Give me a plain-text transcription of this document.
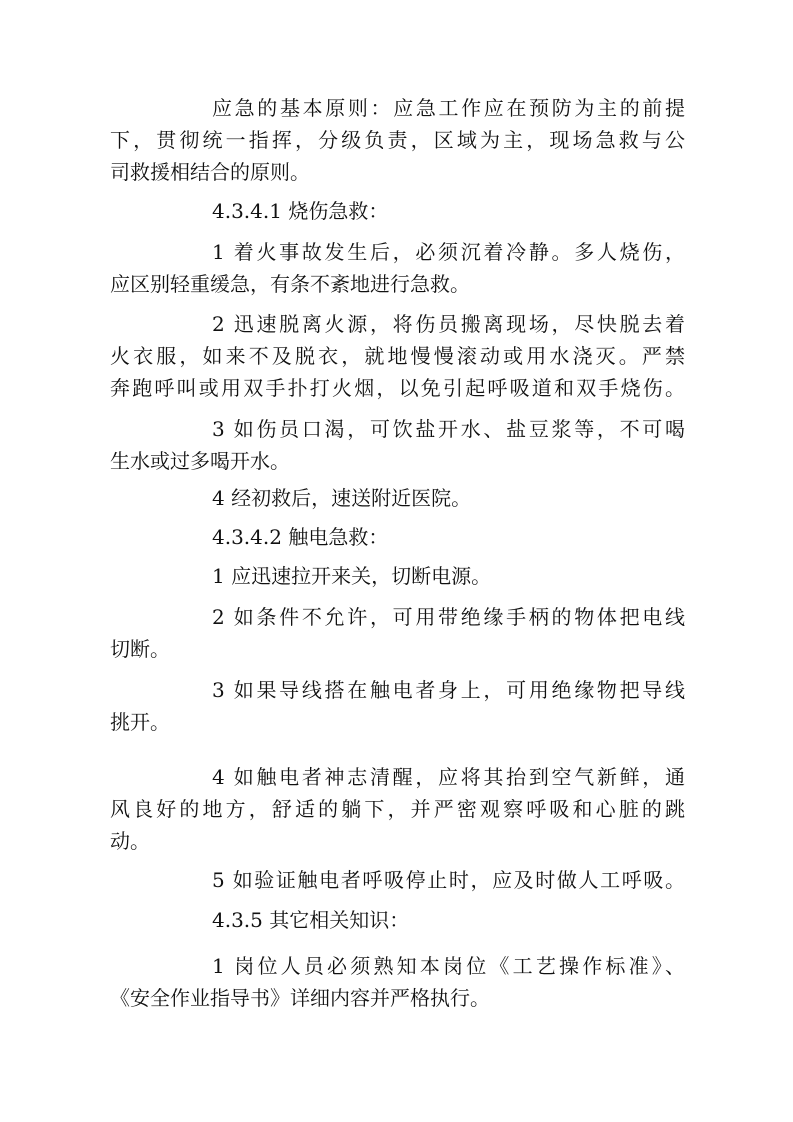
应急的基本原则：应急工作应在预防为主的前提
下，贯彻统一指挥，分级负责，区域为主，现场急救与公
司救援相结合的原则。
4.3.4.1 烧伤急救：
1 着火事故发生后，必须沉着冷静。多人烧伤，
应区别轻重缓急，有条不紊地进行急救。
2 迅速脱离火源，将伤员搬离现场，尽快脱去着
火衣服，如来不及脱衣，就地慢慢滚动或用水浇灭。严禁
奔跑呼叫或用双手扑打火烟，以免引起呼吸道和双手烧伤。
3 如伤员口渴，可饮盐开水、盐豆浆等，不可喝
生水或过多喝开水。
4 经初救后，速送附近医院。
4.3.4.2 触电急救：
1 应迅速拉开来关，切断电源。
2 如条件不允许，可用带绝缘手柄的物体把电线
切断。
3 如果导线搭在触电者身上，可用绝缘物把导线
挑开。
4 如触电者神志清醒，应将其抬到空气新鲜，通
风良好的地方，舒适的躺下，并严密观察呼吸和心脏的跳
动。
5 如验证触电者呼吸停止时，应及时做人工呼吸。
4.3.5 其它相关知识：
1 岗位人员必须熟知本岗位《工艺操作标准》、
《安全作业指导书》详细内容并严格执行。
